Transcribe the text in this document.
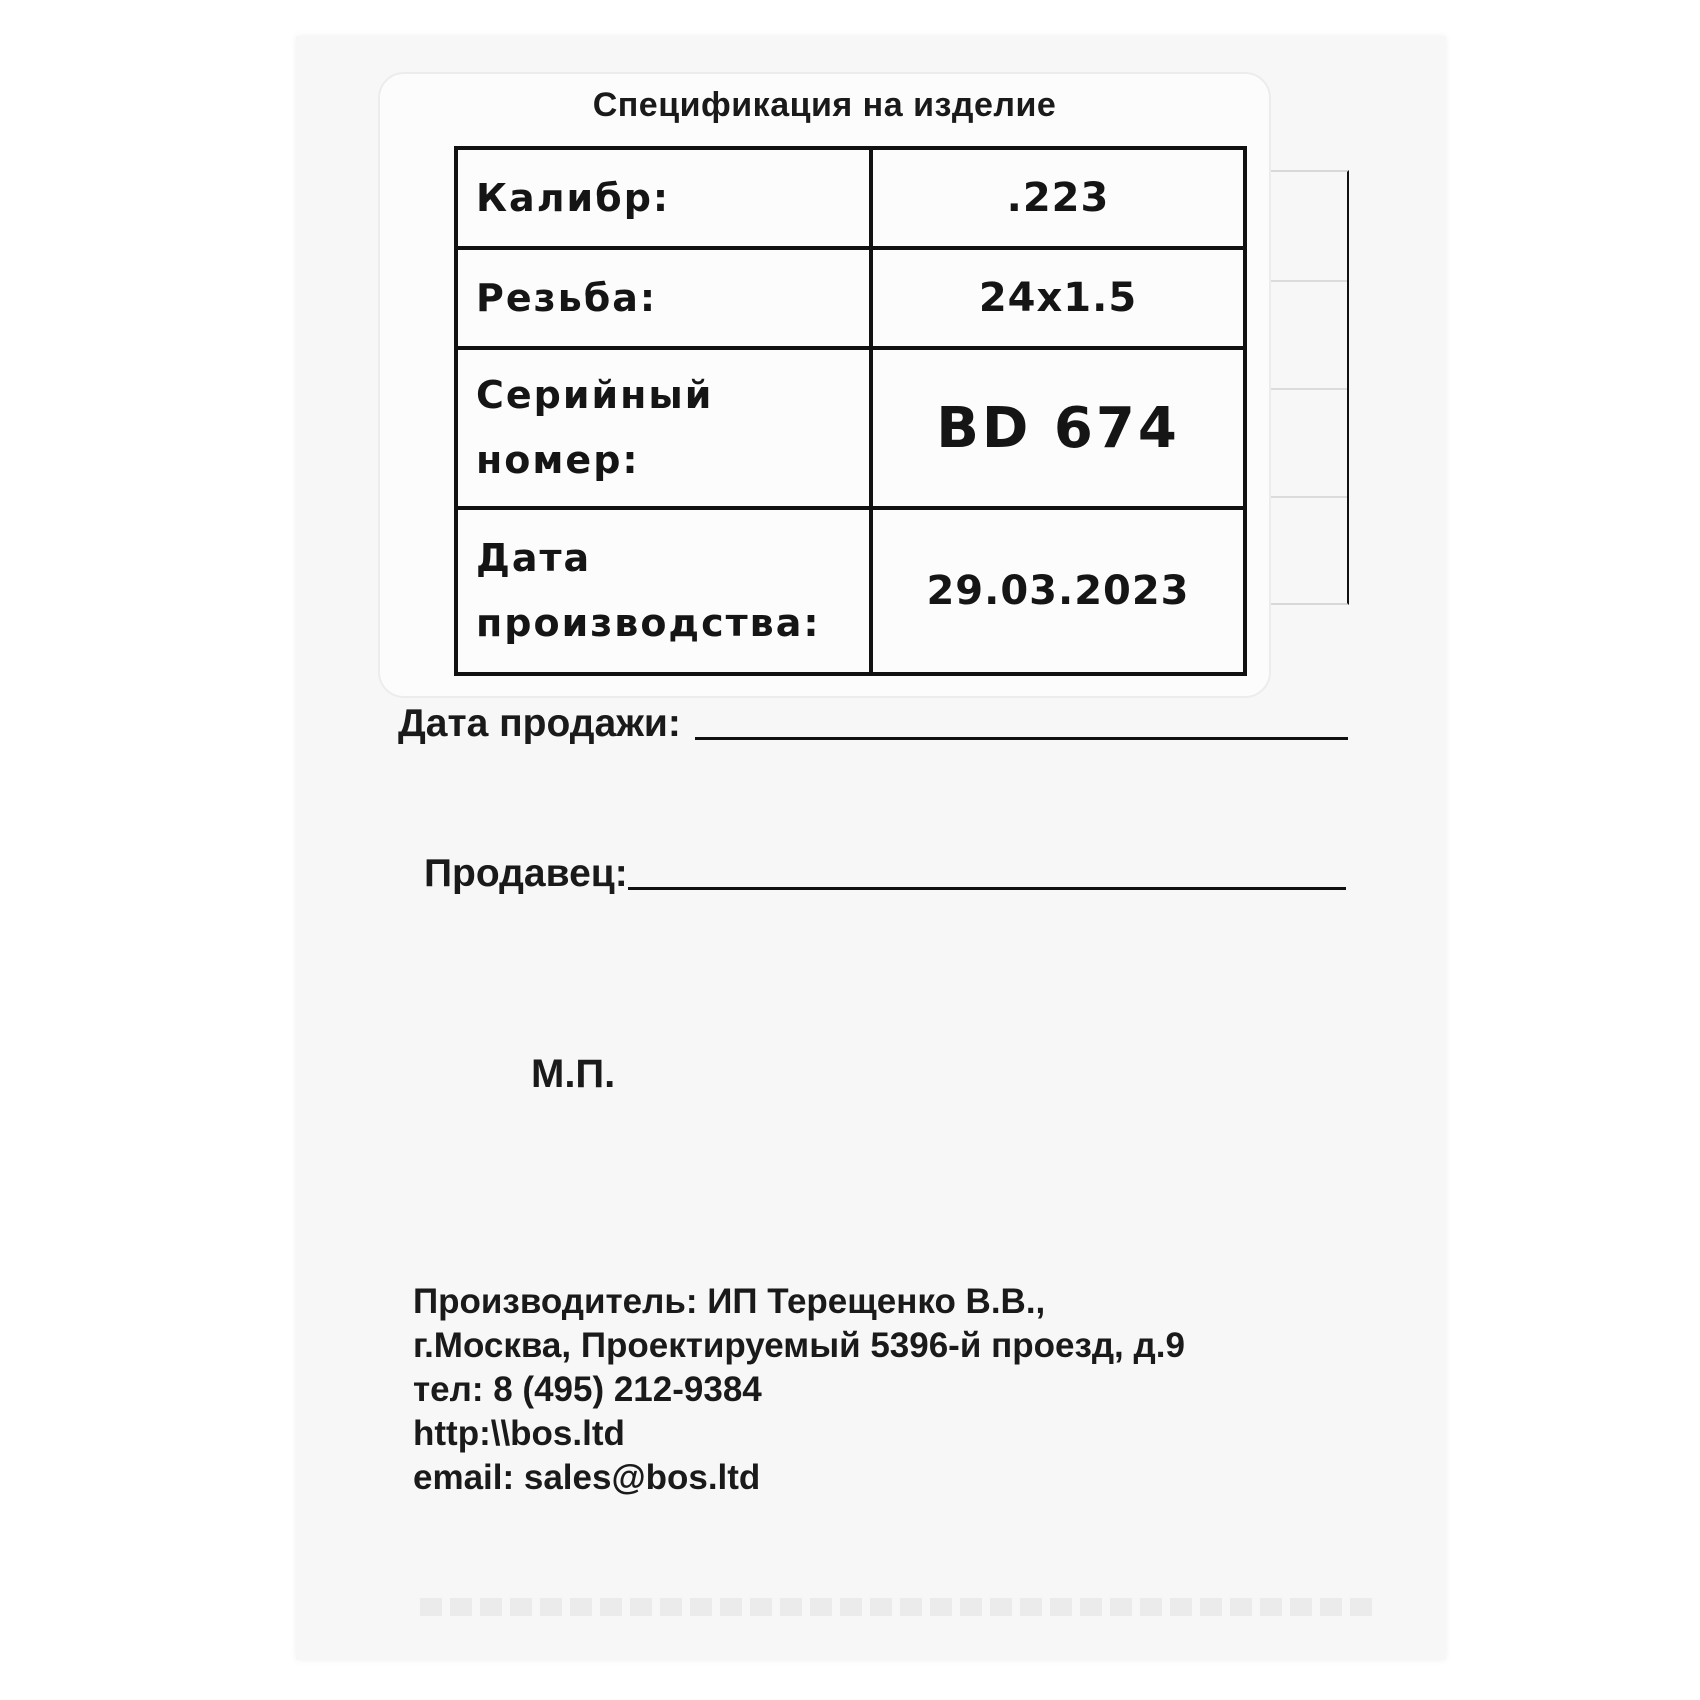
Спецификация на изделие
Калибр:	.223
Резьба:	24x1.5
Серийный номер:	BD 674
Дата производства:	29.03.2023
Дата продажи:
Продавец:
М.П.
Производитель: ИП Терещенко В.В.,
г.Москва, Проектируемый 5396-й проезд, д.9
тел: 8 (495) 212-9384
http:\\bos.ltd
email: sales@bos.ltd
